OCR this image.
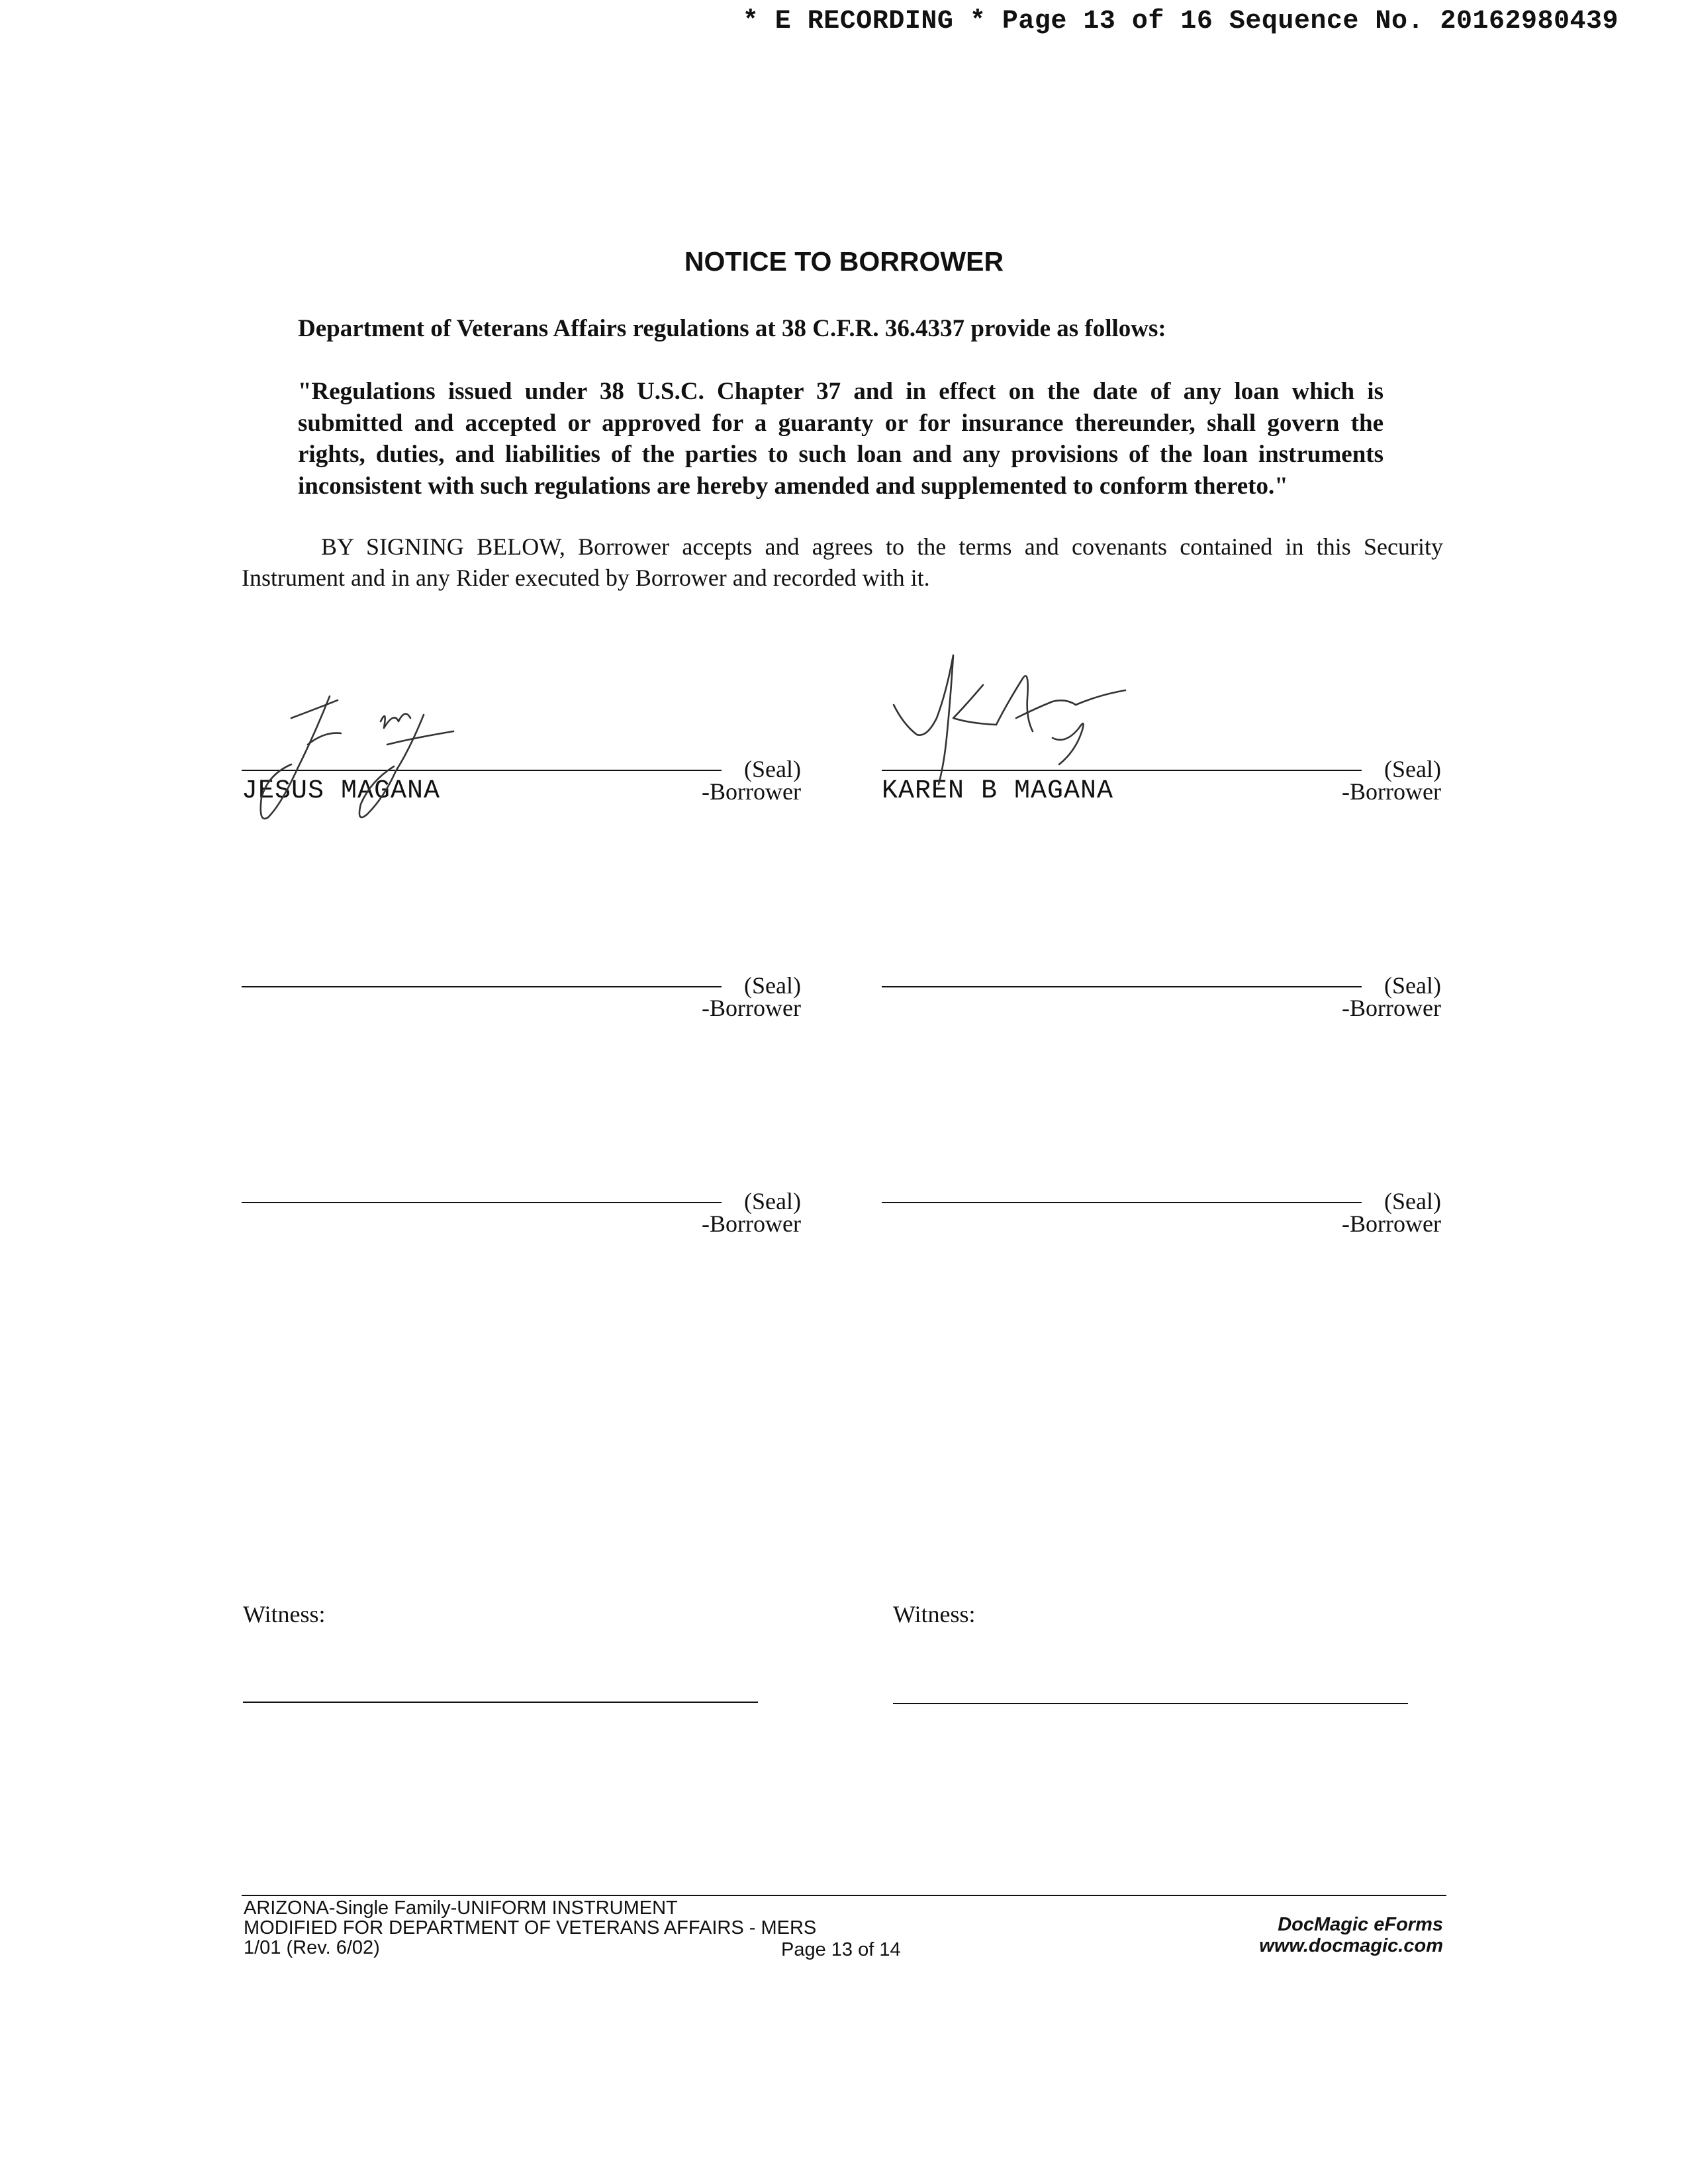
* E RECORDING * Page 13 of 16 Sequence No. 20162980439
NOTICE TO BORROWER
Department of Veterans Affairs regulations at 38 C.F.R. 36.4337 provide as follows:
"Regulations issued under 38 U.S.C. Chapter 37 and in effect on the date of any loan which is
submitted and accepted or approved for a guaranty or for insurance thereunder, shall govern the
rights, duties, and liabilities of the parties to such loan and any provisions of the loan instruments
inconsistent with such regulations are hereby amended and supplemented to conform thereto."
BY SIGNING BELOW, Borrower accepts and agrees to the terms and covenants contained in this Security
Instrument and in any Rider executed by Borrower and recorded with it.
(Seal)
JESUS MAGANA	-Borrower
(Seal)
KAREN B MAGANA	-Borrower
(Seal)
-Borrower
(Seal)
-Borrower
(Seal)
-Borrower
(Seal)
-Borrower
Witness:	Witness:
ARIZONA-Single Family-UNIFORM INSTRUMENT
MODIFIED FOR DEPARTMENT OF VETERANS AFFAIRS - MERS
1/01 (Rev. 6/02)	Page 13 of 14
DocMagic eForms
www.docmagic.com
